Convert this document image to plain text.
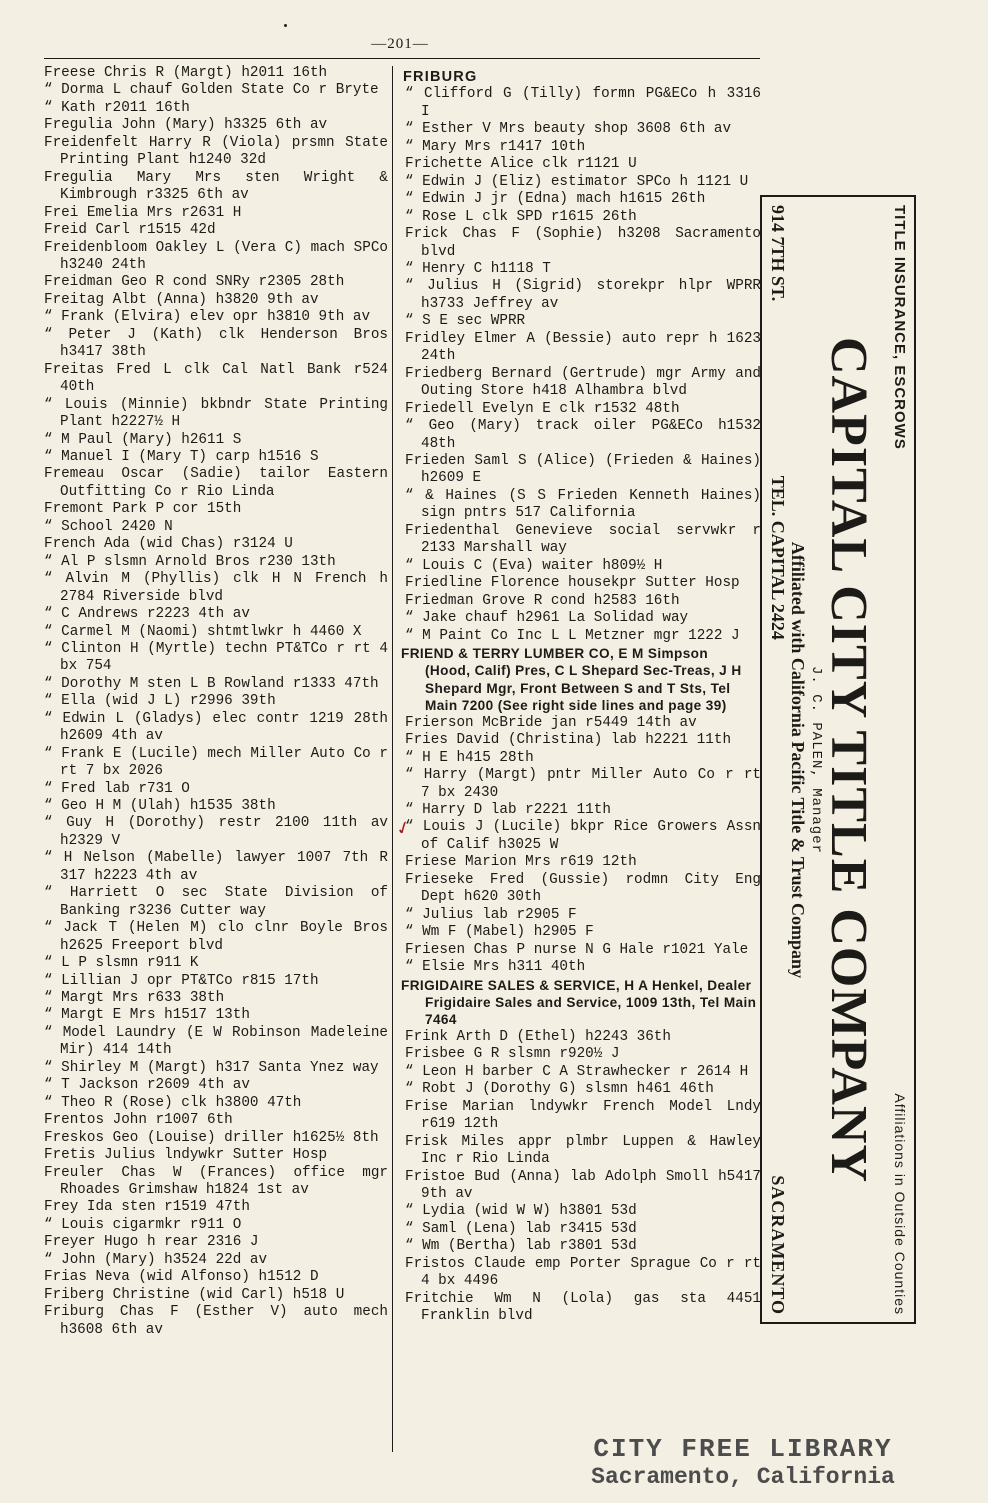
—201—
Freese Chris R (Margt) h2011 16th
“ Dorma L chauf Golden State Co r Bryte
“ Kath r2011 16th
Fregulia John (Mary) h3325 6th av
Freidenfelt Harry R (Viola) prsmn State Printing Plant h1240 32d
Fregulia Mary Mrs sten Wright & Kimbrough r3325 6th av
Frei Emelia Mrs r2631 H
Freid Carl r1515 42d
Freidenbloom Oakley L (Vera C) mach SPCo h3240 24th
Freidman Geo R cond SNRy r2305 28th
Freitag Albt (Anna) h3820 9th av
“ Frank (Elvira) elev opr h3810 9th av
“ Peter J (Kath) clk Henderson Bros h3417 38th
Freitas Fred L clk Cal Natl Bank r524 40th
“ Louis (Minnie) bkbndr State Printing Plant h2227½ H
“ M Paul (Mary) h2611 S
“ Manuel I (Mary T) carp h1516 S
Fremeau Oscar (Sadie) tailor Eastern Outfitting Co r Rio Linda
Fremont Park P cor 15th
“ School 2420 N
French Ada (wid Chas) r3124 U
“ Al P slsmn Arnold Bros r230 13th
“ Alvin M (Phyllis) clk H N French h 2784 Riverside blvd
“ C Andrews r2223 4th av
“ Carmel M (Naomi) shtmtlwkr h 4460 X
“ Clinton H (Myrtle) techn PT&TCo r rt 4 bx 754
“ Dorothy M sten L B Rowland r1333 47th
“ Ella (wid J L) r2996 39th
“ Edwin L (Gladys) elec contr 1219 28th h2609 4th av
“ Frank E (Lucile) mech Miller Auto Co r rt 7 bx 2026
“ Fred lab r731 O
“ Geo H M (Ulah) h1535 38th
“ Guy H (Dorothy) restr 2100 11th av h2329 V
“ H Nelson (Mabelle) lawyer 1007 7th R 317 h2223 4th av
“ Harriett O sec State Division of Banking r3236 Cutter way
“ Jack T (Helen M) clo clnr Boyle Bros h2625 Freeport blvd
“ L P slsmn r911 K
“ Lillian J opr PT&TCo r815 17th
“ Margt Mrs r633 38th
“ Margt E Mrs h1517 13th
“ Model Laundry (E W Robinson Madeleine Mir) 414 14th
“ Shirley M (Margt) h317 Santa Ynez way
“ T Jackson r2609 4th av
“ Theo R (Rose) clk h3800 47th
Frentos John r1007 6th
Freskos Geo (Louise) driller h1625½ 8th
Fretis Julius lndywkr Sutter Hosp
Freuler Chas W (Frances) office mgr Rhoades Grimshaw h1824 1st av
Frey Ida sten r1519 47th
“ Louis cigarmkr r911 O
Freyer Hugo h rear 2316 J
“ John (Mary) h3524 22d av
Frias Neva (wid Alfonso) h1512 D
Friberg Christine (wid Carl) h518 U
Friburg Chas F (Esther V) auto mech h3608 6th av
FRIBURG
“ Clifford G (Tilly) formn PG&ECo h 3316 I
“ Esther V Mrs beauty shop 3608 6th av
“ Mary Mrs r1417 10th
Frichette Alice clk r1121 U
“ Edwin J (Eliz) estimator SPCo h 1121 U
“ Edwin J jr (Edna) mach h1615 26th
“ Rose L clk SPD r1615 26th
Frick Chas F (Sophie) h3208 Sacramento blvd
“ Henry C h1118 T
“ Julius H (Sigrid) storekpr hlpr WPRR h3733 Jeffrey av
“ S E sec WPRR
Fridley Elmer A (Bessie) auto repr h 1623 24th
Friedberg Bernard (Gertrude) mgr Army and Outing Store h418 Alhambra blvd
Friedell Evelyn E clk r1532 48th
“ Geo (Mary) track oiler PG&ECo h1532 48th
Frieden Saml S (Alice) (Frieden & Haines) h2609 E
“ & Haines (S S Frieden Kenneth Haines) sign pntrs 517 California
Friedenthal Genevieve social servwkr r 2133 Marshall way
“ Louis C (Eva) waiter h809½ H
Friedline Florence housekpr Sutter Hosp
Friedman Grove R cond h2583 16th
“ Jake chauf h2961 La Solidad way
“ M Paint Co Inc L L Metzner mgr 1222 J
FRIEND & TERRY LUMBER CO, E M Simpson (Hood, Calif) Pres, C L Shepard Sec-Treas, J H Shepard Mgr, Front Between S and T Sts, Tel Main 7200 (See right side lines and page 39)
Frierson McBride jan r5449 14th av
Fries David (Christina) lab h2221 11th
“ H E h415 28th
“ Harry (Margt) pntr Miller Auto Co r rt 7 bx 2430
“ Harry D lab r2221 11th
“ Louis J (Lucile) bkpr Rice Growers Assn of Calif h3025 W
Friese Marion Mrs r619 12th
Frieseke Fred (Gussie) rodmn City Eng Dept h620 30th
“ Julius lab r2905 F
“ Wm F (Mabel) h2905 F
Friesen Chas P nurse N G Hale r1021 Yale
“ Elsie Mrs h311 40th
FRIGIDAIRE SALES & SERVICE, H A Henkel, Dealer Frigidaire Sales and Service, 1009 13th, Tel Main 7464
Frink Arth D (Ethel) h2243 36th
Frisbee G R slsmn r920½ J
“ Leon H barber C A Strawhecker r 2614 H
“ Robt J (Dorothy G) slsmn h461 46th
Frise Marian lndywkr French Model Lndy r619 12th
Frisk Miles appr plmbr Luppen & Hawley Inc r Rio Linda
Fristoe Bud (Anna) lab Adolph Smoll h5417 9th av
“ Lydia (wid W W) h3801 53d
“ Saml (Lena) lab r3415 53d
“ Wm (Bertha) lab r3801 53d
Fristos Claude emp Porter Sprague Co r rt 4 bx 4496
Fritchie Wm N (Lola) gas sta 4451 Franklin blvd
✓
TITLE INSURANCE, ESCROWS
Affiliations in Outside Counties
CAPITAL CITY TITLE COMPANY
J. C. PALEN, Manager
Affiliated with California Pacific Title & Trust Company
914 7TH ST. TEL. CAPITAL 2424
SACRAMENTO
CITY FREE LIBRARY
Sacramento, California
